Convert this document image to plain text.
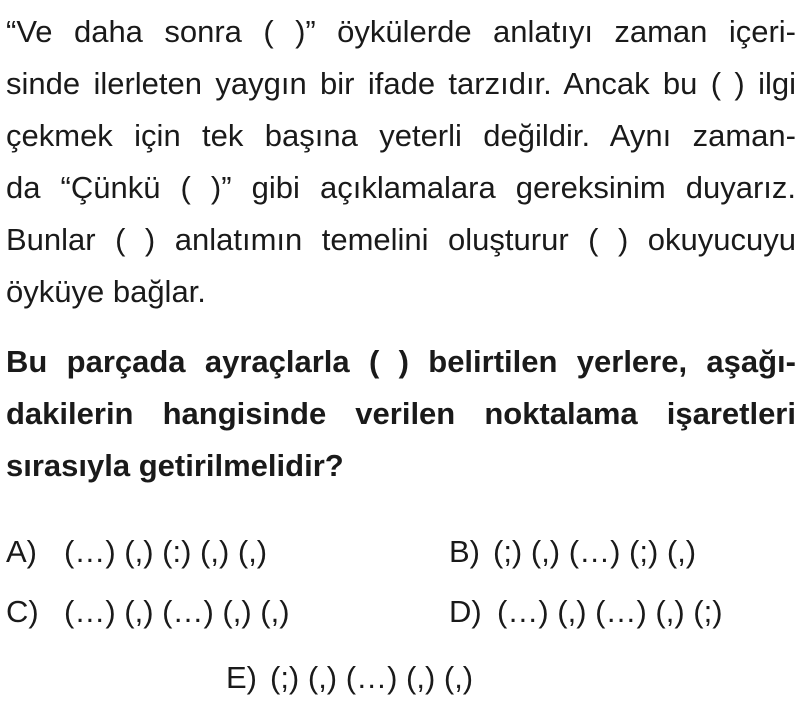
“Ve daha sonra ( )” öykülerde anlatıyı zaman içeri-
sinde ilerleten yaygın bir ifade tarzıdır. Ancak bu ( ) ilgi
çekmek için tek başına yeterli değildir. Aynı zaman-
da “Çünkü ( )” gibi açıklamalara gereksinim duyarız.
Bunlar ( ) anlatımın temelini oluşturur ( ) okuyucuyu
öyküye bağlar.
Bu parçada ayraçlarla ( ) belirtilen yerlere, aşağı-
dakilerin hangisinde verilen noktalama işaretleri
sırasıyla getirilmelidir?
A) (…) (,) (:) (,) (,)	B) (;) (,) (…) (;) (,)
C) (…) (,) (…) (,) (,)	D) (…) (,) (…) (,) (;)
E) (;) (,) (…) (,) (,)
